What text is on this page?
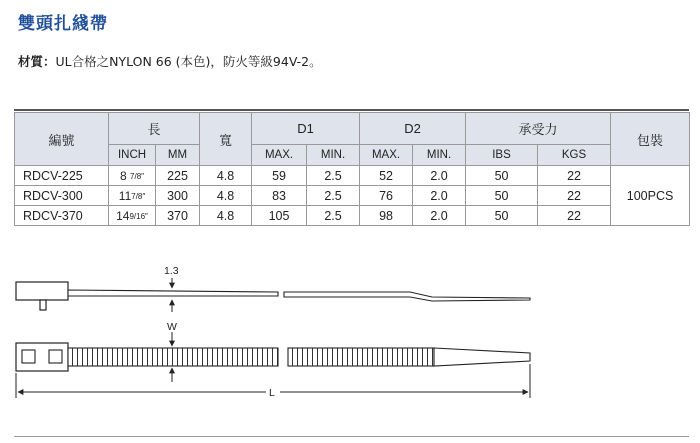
雙頭扎綫帶
材質：UL合格之NYLON 66 (本色)，防火等級94V-2。
編號	長		寬	D1		D2		承受力		包裝
	INCH	MM		MAX.	MIN.	MAX.	MIN.	IBS	KGS	
RDCV-225	8 7/8″	225	4.8	59	2.5	52	2.0	50	22	100PCS
RDCV-300	117/8″	300	4.8	83	2.5	76	2.0	50	22	
RDCV-370	149/16″	370	4.8	105	2.5	98	2.0	50	22	
1.3
W
L
